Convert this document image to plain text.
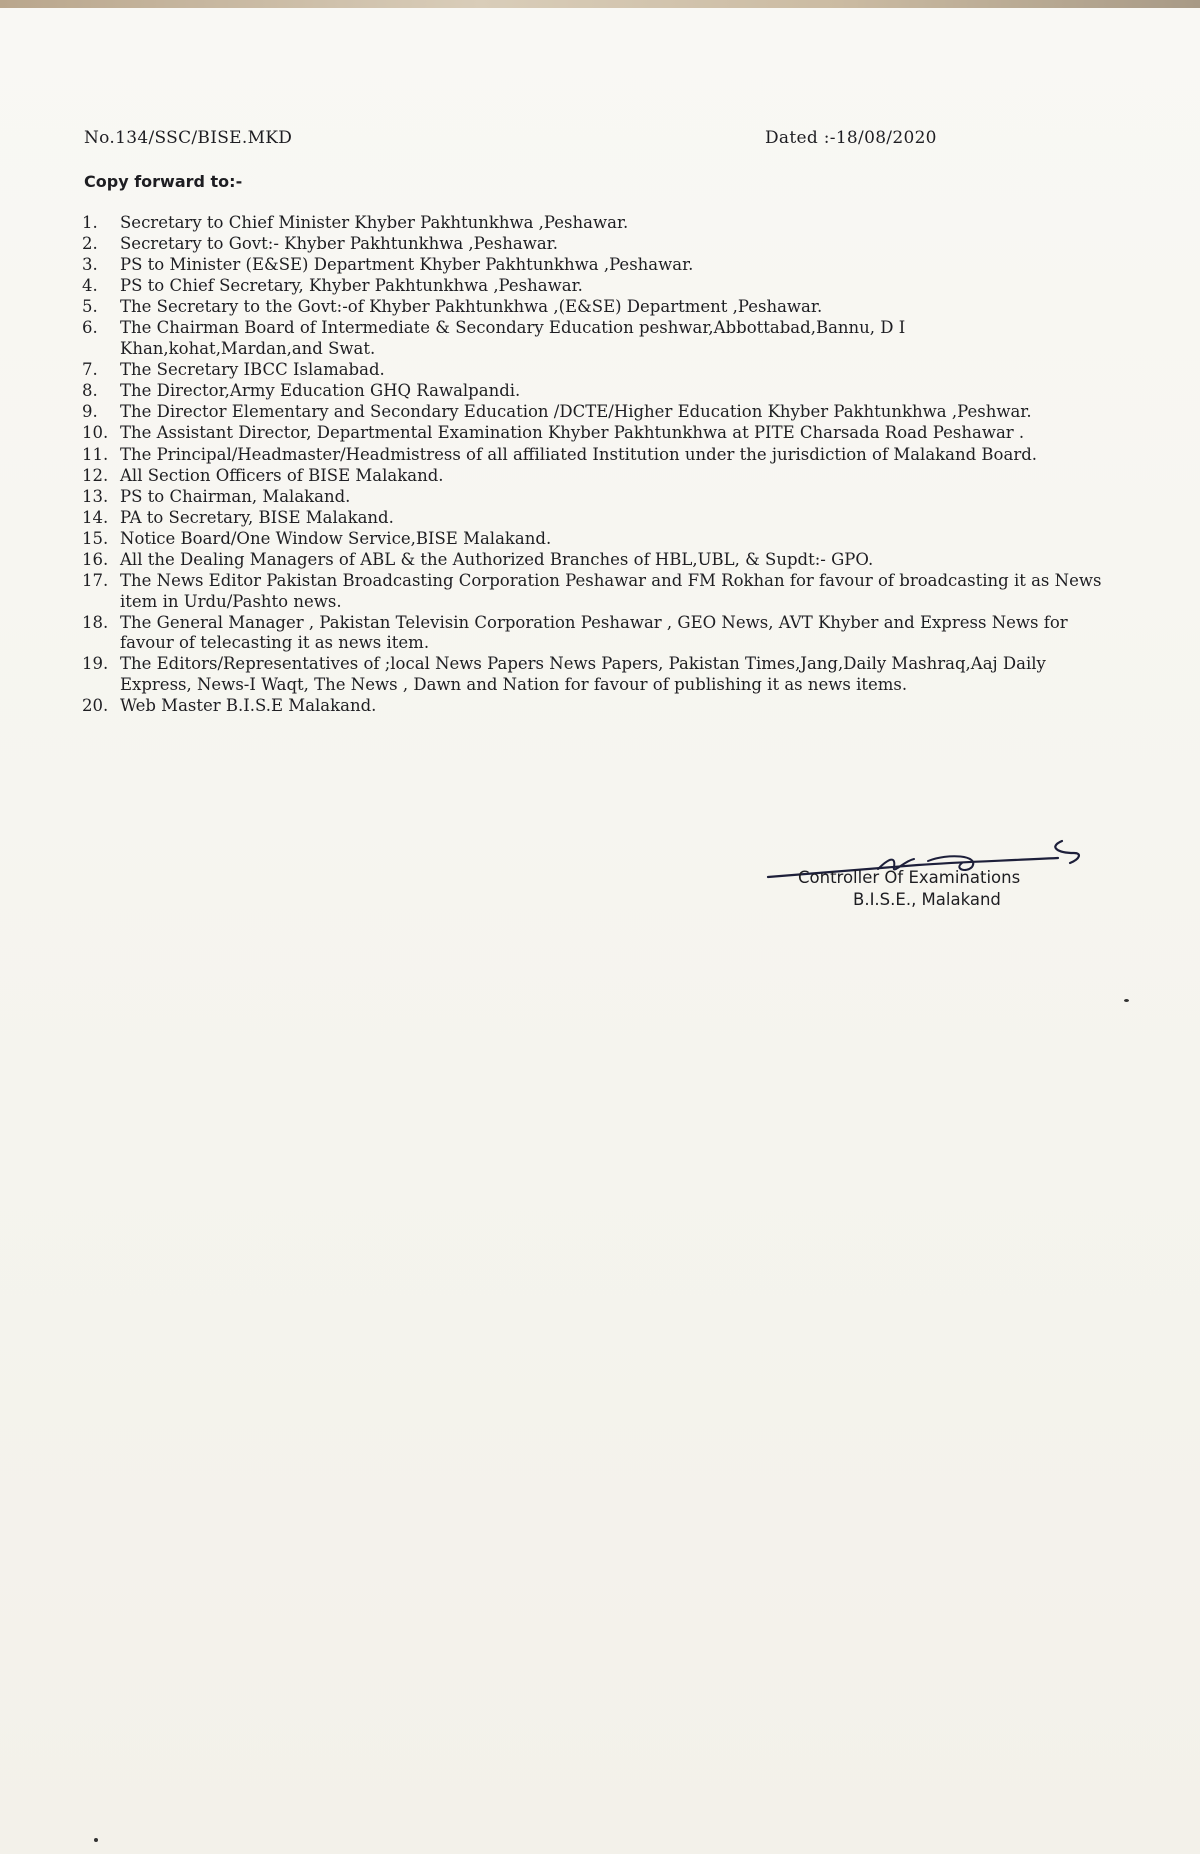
No.134/SSC/BISE.MKD	Dated :-18/08/2020
Copy forward to:-
1.	Secretary to Chief Minister Khyber Pakhtunkhwa ,Peshawar.
2.	Secretary to Govt:- Khyber Pakhtunkhwa ,Peshawar.
3.	PS to Minister (E&SE) Department Khyber Pakhtunkhwa ,Peshawar.
4.	PS to Chief Secretary, Khyber Pakhtunkhwa ,Peshawar.
5.	The Secretary to the Govt:-of Khyber Pakhtunkhwa ,(E&SE) Department ,Peshawar.
6.	The Chairman Board of Intermediate & Secondary Education peshwar,Abbottabad,Bannu, D I Khan,kohat,Mardan,and Swat.
7.	The Secretary IBCC Islamabad.
8.	The Director,Army Education GHQ Rawalpandi.
9.	The Director Elementary and Secondary Education /DCTE/Higher Education Khyber Pakhtunkhwa ,Peshwar.
10. The Assistant Director, Departmental Examination Khyber Pakhtunkhwa at PITE Charsada Road Peshawar .
11. The Principal/Headmaster/Headmistress of all affiliated Institution under the jurisdiction of Malakand Board.
12. All Section Officers of BISE Malakand.
13. PS to Chairman, Malakand.
14. PA to Secretary, BISE Malakand.
15. Notice Board/One Window Service,BISE Malakand.
16. All the Dealing Managers of ABL & the Authorized Branches of HBL,UBL, & Supdt:- GPO.
17. The News Editor Pakistan Broadcasting Corporation Peshawar and FM Rokhan for favour of broadcasting it as News item in Urdu/Pashto news.
18. The General Manager , Pakistan Televisin Corporation Peshawar , GEO News, AVT Khyber and Express News for favour of telecasting it as news item.
19. The Editors/Representatives of ;local News Papers News Papers, Pakistan Times,Jang,Daily Mashraq,Aaj Daily Express, News-I Waqt, The News , Dawn and Nation for favour of publishing it as news items.
20. Web Master B.I.S.E Malakand.
Controller Of Examinations
B.I.S.E., Malakand
